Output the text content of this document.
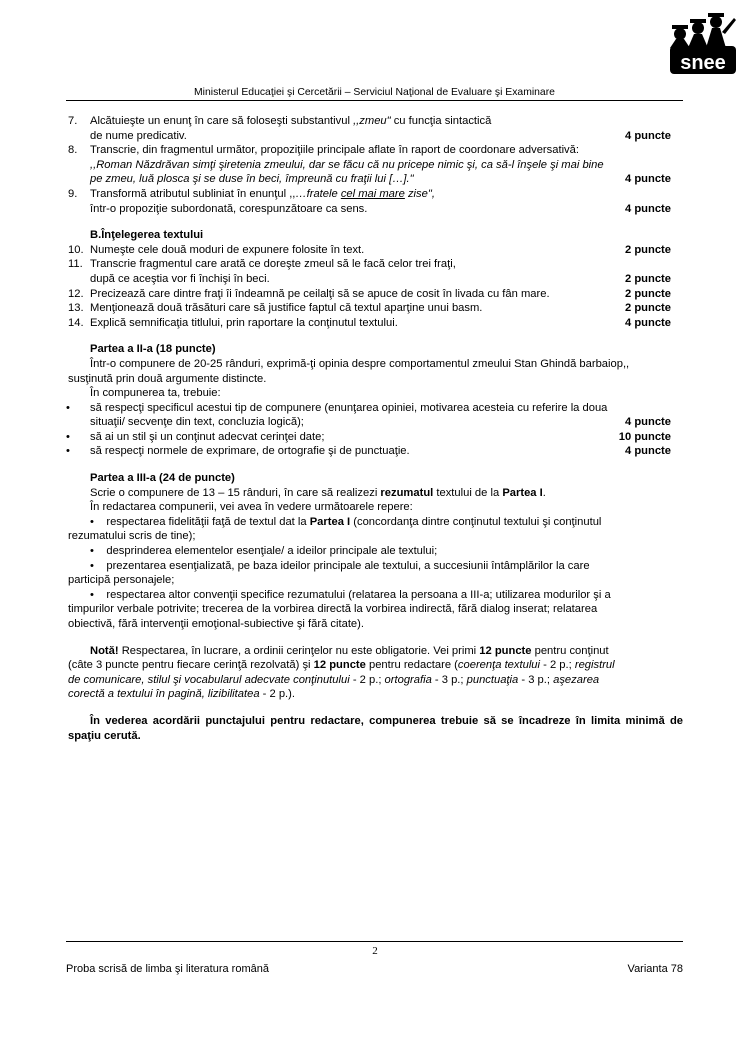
snee
Ministerul Educaţiei şi Cercetării – Serviciul Naţional de Evaluare şi Examinare
7.	Alcătuieşte un enunţ în care să foloseşti substantivul ,,zmeu" cu funcţia sintactică
de nume predicativ.	4 puncte
8.	Transcrie, din fragmentul următor, propoziţiile principale aflate în raport de coordonare adversativă:
,,Roman Năzdrăvan simţi şiretenia zmeului, dar se făcu că nu pricepe nimic şi, ca să-l înşele şi mai bine
pe zmeu, luă plosca şi se duse în beci, împreună cu fraţii lui […]."	4 puncte
9.	Transformă atributul subliniat în enunţul ,,…fratele cel mai mare zise",
într-o propoziţie subordonată, corespunzătoare ca sens.	4 puncte
B.Înţelegerea textului
10. Numeşte cele două moduri de expunere folosite în text.	2 puncte
11. Transcrie fragmentul care arată ce doreşte zmeul să le facă celor trei fraţi,
după ce aceştia vor fi închişi în beci.	2 puncte
12. Precizează care dintre fraţi îi îndeamnă pe ceilalţi să se apuce de cosit în livada cu fân mare.	2 puncte
13. Menţionează două trăsături care să justifice faptul că textul aparţine unui basm.	2 puncte
14. Explică semnificaţia titlului, prin raportare la conţinutul textului.	4 puncte
Partea a II-a (18 puncte)
Într-o compunere de 20-25 rânduri, exprimă-ţi opinia despre comportamentul zmeului Stan Ghindă barbaiop,,
susţinută prin două argumente distincte.
În compunerea ta, trebuie:
• să respecţi specificul acestui tip de compunere (enunţarea opiniei, motivarea acesteia cu referire la doua
situaţii/ secvenţe din text, concluzia logică);	4 puncte
• să ai un stil şi un conţinut adecvat cerinţei date;	10 puncte
• să respecţi normele de exprimare, de ortografie şi de punctuaţie.	4 puncte
Partea a III-a (24 de puncte)
Scrie o compunere de 13 – 15 rânduri, în care să realizezi rezumatul textului de la Partea I.
În redactarea compunerii, vei avea în vedere următoarele repere:
• respectarea fidelităţii faţă de textul dat la Partea I (concordanţa dintre conţinutul textului şi conţinutul
rezumatului scris de tine);
• desprinderea elementelor esenţiale/ a ideilor principale ale textului;
• prezentarea esenţializată, pe baza ideilor principale ale textului, a succesiunii întâmplărilor la care
participă personajele;
• respectarea altor convenţii specifice rezumatului (relatarea la persoana a III-a; utilizarea modurilor şi a
timpurilor verbale potrivite; trecerea de la vorbirea directă la vorbirea indirectă, fără dialog inserat; relatarea
obiectivă, fără intervenţii emoţional-subiective şi fără citate).
Notă! Respectarea, în lucrare, a ordinii cerinţelor nu este obligatorie. Vei primi 12 puncte pentru conţinut
(câte 3 puncte pentru fiecare cerinţă rezolvată) şi 12 puncte pentru redactare (coerenţa textului - 2 p.; registrul
de comunicare, stilul şi vocabularul adecvate conţinutului - 2 p.; ortografia - 3 p.; punctuaţia - 3 p.; aşezarea
corectă a textului în pagină, lizibilitatea - 2 p.).
În vederea acordării punctajului pentru redactare, compunerea trebuie să se încadreze în limita minimă de spaţiu cerută.
2
Proba scrisă de limba şi literatura română	Varianta 78
